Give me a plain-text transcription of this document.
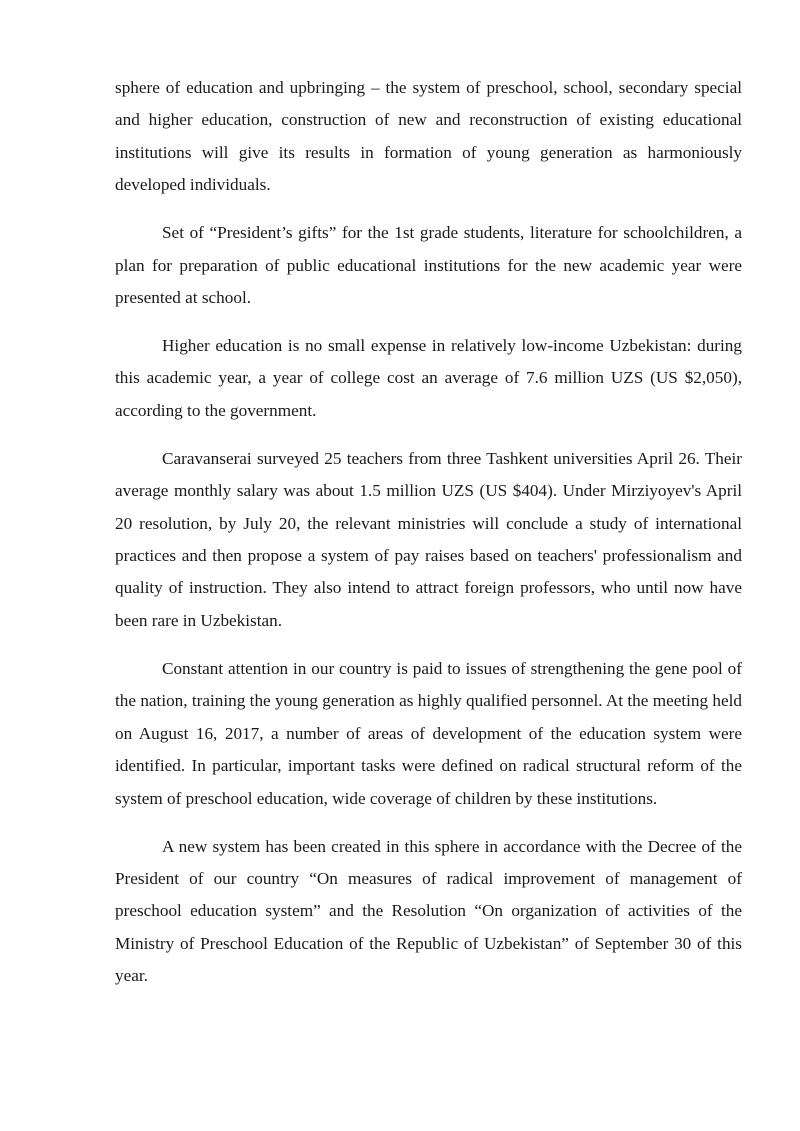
sphere of education and upbringing – the system of preschool, school, secondary special and higher education, construction of new and reconstruction of existing educational institutions will give its results in formation of young generation as harmoniously developed individuals.

Set of “President’s gifts” for the 1st grade students, literature for schoolchildren, a plan for preparation of public educational institutions for the new academic year were presented at school.

Higher education is no small expense in relatively low-income Uzbekistan: during this academic year, a year of college cost an average of 7.6 million UZS (US $2,050), according to the government.

Caravanserai surveyed 25 teachers from three Tashkent universities April 26. Their average monthly salary was about 1.5 million UZS (US $404). Under Mirziyoyev's April 20 resolution, by July 20, the relevant ministries will conclude a study of international practices and then propose a system of pay raises based on teachers' professionalism and quality of instruction. They also intend to attract foreign professors, who until now have been rare in Uzbekistan.

Constant attention in our country is paid to issues of strengthening the gene pool of the nation, training the young generation as highly qualified personnel. At the meeting held on August 16, 2017, a number of areas of development of the education system were identified. In particular, important tasks were defined on radical structural reform of the system of preschool education, wide coverage of children by these institutions.

A new system has been created in this sphere in accordance with the Decree of the President of our country “On measures of radical improvement of management of preschool education system” and the Resolution “On organization of activities of the Ministry of Preschool Education of the Republic of Uzbekistan” of September 30 of this year.
